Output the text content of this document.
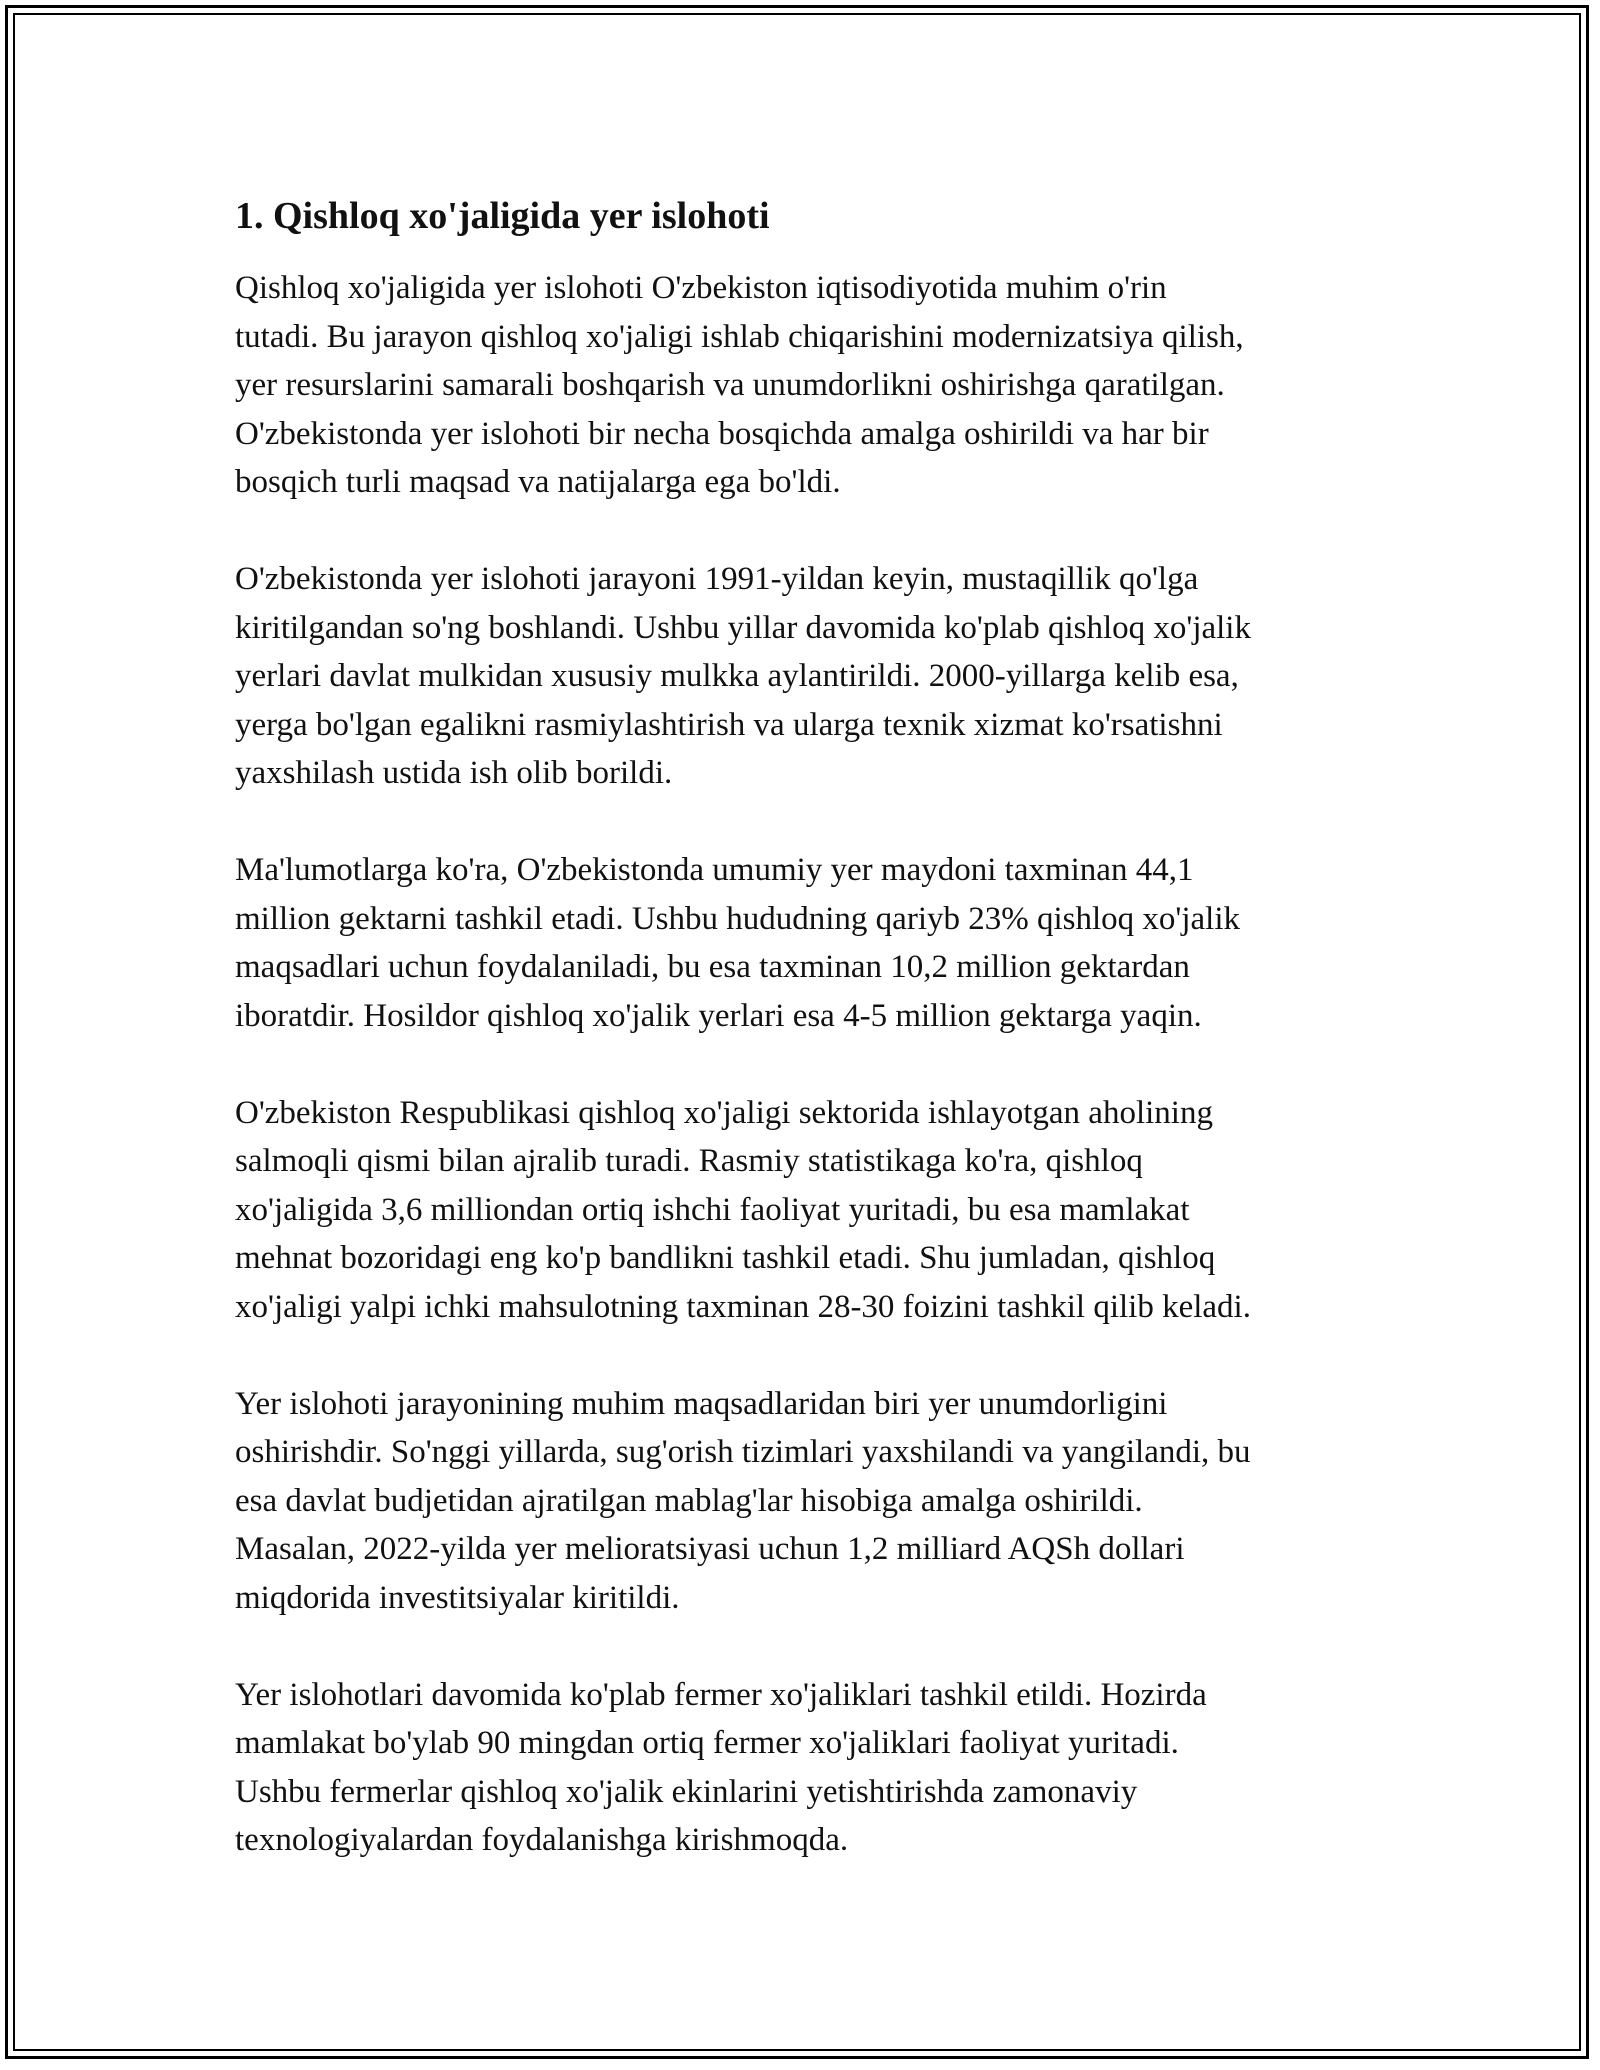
1. Qishloq xo'jaligida yer islohoti

Qishloq xo'jaligida yer islohoti O'zbekiston iqtisodiyotida muhim o'rin
tutadi. Bu jarayon qishloq xo'jaligi ishlab chiqarishini modernizatsiya qilish,
yer resurslarini samarali boshqarish va unumdorlikni oshirishga qaratilgan.
O'zbekistonda yer islohoti bir necha bosqichda amalga oshirildi va har bir
bosqich turli maqsad va natijalarga ega bo'ldi.

O'zbekistonda yer islohoti jarayoni 1991-yildan keyin, mustaqillik qo'lga
kiritilgandan so'ng boshlandi. Ushbu yillar davomida ko'plab qishloq xo'jalik
yerlari davlat mulkidan xususiy mulkka aylantirildi. 2000-yillarga kelib esa,
yerga bo'lgan egalikni rasmiylashtirish va ularga texnik xizmat ko'rsatishni
yaxshilash ustida ish olib borildi.

Ma'lumotlarga ko'ra, O'zbekistonda umumiy yer maydoni taxminan 44,1
million gektarni tashkil etadi. Ushbu hududning qariyb 23% qishloq xo'jalik
maqsadlari uchun foydalaniladi, bu esa taxminan 10,2 million gektardan
iboratdir. Hosildor qishloq xo'jalik yerlari esa 4-5 million gektarga yaqin.

O'zbekiston Respublikasi qishloq xo'jaligi sektorida ishlayotgan aholining
salmoqli qismi bilan ajralib turadi. Rasmiy statistikaga ko'ra, qishloq
xo'jaligida 3,6 milliondan ortiq ishchi faoliyat yuritadi, bu esa mamlakat
mehnat bozoridagi eng ko'p bandlikni tashkil etadi. Shu jumladan, qishloq
xo'jaligi yalpi ichki mahsulotning taxminan 28-30 foizini tashkil qilib keladi.

Yer islohoti jarayonining muhim maqsadlaridan biri yer unumdorligini
oshirishdir. So'nggi yillarda, sug'orish tizimlari yaxshilandi va yangilandi, bu
esa davlat budjetidan ajratilgan mablag'lar hisobiga amalga oshirildi.
Masalan, 2022-yilda yer melioratsiyasi uchun 1,2 milliard AQSh dollari
miqdorida investitsiyalar kiritildi.

Yer islohotlari davomida ko'plab fermer xo'jaliklari tashkil etildi. Hozirda
mamlakat bo'ylab 90 mingdan ortiq fermer xo'jaliklari faoliyat yuritadi.
Ushbu fermerlar qishloq xo'jalik ekinlarini yetishtirishda zamonaviy
texnologiyalardan foydalanishga kirishmoqda.
